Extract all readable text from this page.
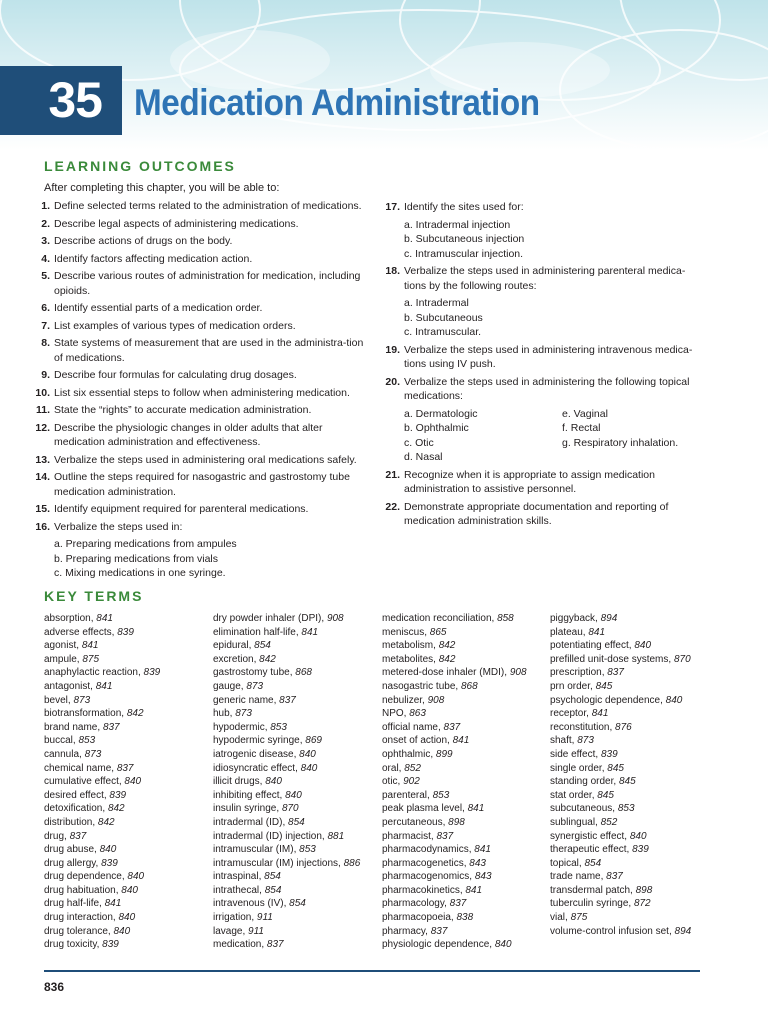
35 Medication Administration
LEARNING OUTCOMES
After completing this chapter, you will be able to:
1. Define selected terms related to the administration of medications.
2. Describe legal aspects of administering medications.
3. Describe actions of drugs on the body.
4. Identify factors affecting medication action.
5. Describe various routes of administration for medication, including opioids.
6. Identify essential parts of a medication order.
7. List examples of various types of medication orders.
8. State systems of measurement that are used in the administra-tion of medications.
9. Describe four formulas for calculating drug dosages.
10. List six essential steps to follow when administering medication.
11. State the “rights” to accurate medication administration.
12. Describe the physiologic changes in older adults that alter medication administration and effectiveness.
13. Verbalize the steps used in administering oral medications safely.
14. Outline the steps required for nasogastric and gastrostomy tube medication administration.
15. Identify equipment required for parenteral medications.
16. Verbalize the steps used in:
a. Preparing medications from ampules
b. Preparing medications from vials
c. Mixing medications in one syringe.
17. Identify the sites used for:
a. Intradermal injection
b. Subcutaneous injection
c. Intramuscular injection.
18. Verbalize the steps used in administering parenteral medica-tions by the following routes:
a. Intradermal
b. Subcutaneous
c. Intramuscular.
19. Verbalize the steps used in administering intravenous medica-tions using IV push.
20. Verbalize the steps used in administering the following topical medications:
a. Dermatologic	e. Vaginal
b. Ophthalmic	f. Rectal
c. Otic	g. Respiratory inhalation.
d. Nasal
21. Recognize when it is appropriate to assign medication administration to assistive personnel.
22. Demonstrate appropriate documentation and reporting of medication administration skills.
KEY TERMS
absorption, 841
adverse effects, 839
agonist, 841
ampule, 875
anaphylactic reaction, 839
antagonist, 841
bevel, 873
biotransformation, 842
brand name, 837
buccal, 853
cannula, 873
chemical name, 837
cumulative effect, 840
desired effect, 839
detoxification, 842
distribution, 842
drug, 837
drug abuse, 840
drug allergy, 839
drug dependence, 840
drug habituation, 840
drug half-life, 841
drug interaction, 840
drug tolerance, 840
drug toxicity, 839
dry powder inhaler (DPI), 908
elimination half-life, 841
epidural, 854
excretion, 842
gastrostomy tube, 868
gauge, 873
generic name, 837
hub, 873
hypodermic, 853
hypodermic syringe, 869
iatrogenic disease, 840
idiosyncratic effect, 840
illicit drugs, 840
inhibiting effect, 840
insulin syringe, 870
intradermal (ID), 854
intradermal (ID) injection, 881
intramuscular (IM), 853
intramuscular (IM) injections, 886
intraspinal, 854
intrathecal, 854
intravenous (IV), 854
irrigation, 911
lavage, 911
medication, 837
medication reconciliation, 858
meniscus, 865
metabolism, 842
metabolites, 842
metered-dose inhaler (MDI), 908
nasogastric tube, 868
nebulizer, 908
NPO, 863
official name, 837
onset of action, 841
ophthalmic, 899
oral, 852
otic, 902
parenteral, 853
peak plasma level, 841
percutaneous, 898
pharmacist, 837
pharmacodynamics, 841
pharmacogenetics, 843
pharmacogenomics, 843
pharmacokinetics, 841
pharmacology, 837
pharmacopoeia, 838
pharmacy, 837
physiologic dependence, 840
piggyback, 894
plateau, 841
potentiating effect, 840
prefilled unit-dose systems, 870
prescription, 837
prn order, 845
psychologic dependence, 840
receptor, 841
reconstitution, 876
shaft, 873
side effect, 839
single order, 845
standing order, 845
stat order, 845
subcutaneous, 853
sublingual, 852
synergistic effect, 840
therapeutic effect, 839
topical, 854
trade name, 837
transdermal patch, 898
tuberculin syringe, 872
vial, 875
volume-control infusion set, 894
836
